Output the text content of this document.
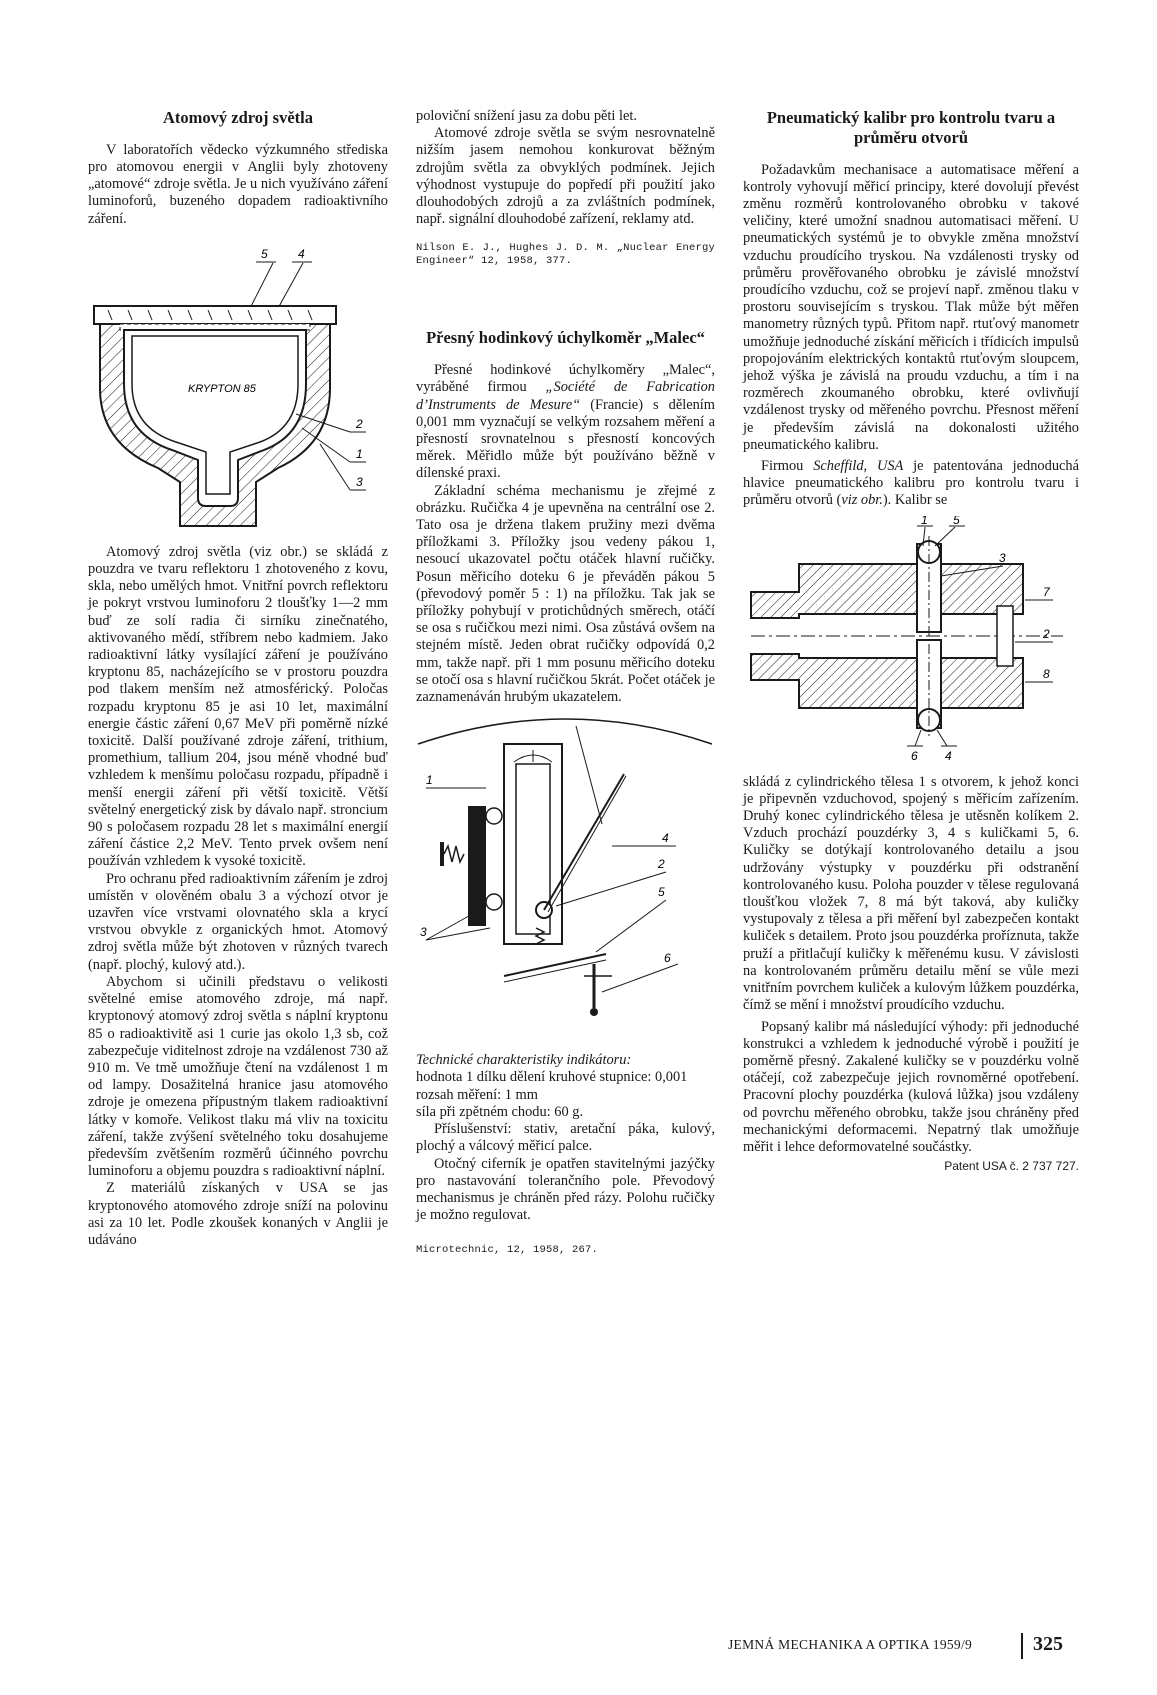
Atomový zdroj světla

V laboratořích vědecko výzkumného střediska pro atomovou energii v Anglii byly zhotoveny „atomové“ zdroje světla. Je u nich využíváno záření luminoforů, buzeného dopadem radioaktivního záření.

5	4
KRYPTON 85
2
1
3

Atomový zdroj světla (viz obr.) se skládá z pouzdra ve tvaru reflektoru 1 zhotoveného z kovu, skla, nebo umělých hmot. Vnitřní povrch reflektoru je pokryt vrstvou luminoforu 2 tloušťky 1—2 mm buď ze solí radia či sirníku zinečnatého, aktivovaného mědí, stříbrem nebo kadmiem. Jako radioaktivní látky vysílající záření je používáno kryptonu 85, nacházejícího se v prostoru pouzdra pod tlakem menším než atmosférický. Poločas rozpadu kryptonu 85 je asi 10 let, maximální energie částic záření 0,67 MeV při poměrně nízké toxicitě. Další používané zdroje záření, trithium, promethium, tallium 204, jsou méně vhodné buď vzhledem k menšímu poločasu rozpadu, případně i menší energii záření při větší toxicitě. Větší světelný energetický zisk by dávalo např. stroncium 90 s poločasem rozpadu 28 let s maximální energií záření částice 2,2 MeV. Tento prvek ovšem není používán vzhledem k vysoké toxicitě.

Pro ochranu před radioaktivním zářením je zdroj umístěn v olověném obalu 3 a výchozí otvor je uzavřen více vrstvami olovnatého skla a krycí vrstvou obvykle z organických hmot. Atomový zdroj světla může být zhotoven v různých tvarech (např. plochý, kulový atd.).

Abychom si učinili představu o velikosti světelné emise atomového zdroje, má např. kryptonový atomový zdroj světla s náplní kryptonu 85 o radioaktivitě asi 1 curie jas okolo 1,3 sb, což zabezpečuje viditelnost zdroje na vzdálenost 730 až 910 m. Ve tmě umožňuje čtení na vzdálenost 1 m od lampy. Dosažitelná hranice jasu atomového zdroje je omezena přípustným tlakem radioaktivní látky v komoře. Velikost tlaku má vliv na toxicitu záření, takže zvýšení světelného toku dosahujeme především zvětšením rozměrů účinného povrchu luminoforu a objemu pouzdra s radioaktivní náplní.

Z materiálů získaných v USA se jas kryptonového atomového zdroje sníží na polovinu asi za 10 let. Podle zkoušek konaných v Anglii je udáváno

poloviční snížení jasu za dobu pěti let.

Atomové zdroje světla se svým nesrovnatelně nižším jasem nemohou konkurovat běžným zdrojům světla za obvyklých podmínek. Jejich výhodnost vystupuje do popředí při použití jako dlouhodobých zdrojů a za zvláštních podmínek, např. signální dlouhodobé zařízení, reklamy atd.

Nilson E. J., Hughes J. D. M. „Nuclear Energy Engineer“ 12, 1958, 377.

Přesný hodinkový úchylkoměr „Malec“

Přesné hodinkové úchylkoměry „Malec“, vyráběné firmou „Société de Fabrication d’Instruments de Mesure“ (Francie) s dělením 0,001 mm vyznačují se velkým rozsahem měření a přesností srovnatelnou s přesností koncových měrek. Měřidlo může být používáno běžně v dílenské praxi.

Základní schéma mechanismu je zřejmé z obrázku. Ručička 4 je upevněna na centrální ose 2. Tato osa je držena tlakem pružiny mezi dvěma příložkami 3. Příložky jsou vedeny pákou 1, nesoucí ukazovatel počtu otáček hlavní ručičky. Posun měřicího doteku 6 je převáděn pákou 5 (převodový poměr 5 : 1) na příložku. Tak jak se příložky pohybují v protichůdných směrech, otáčí se osa s ručičkou mezi nimi. Osa zůstává ovšem na stejném místě. Jeden obrat ručičky odpovídá 0,2 mm, takže např. při 1 mm posunu měřicího doteku se otočí osa s hlavní ručičkou 5krát. Počet otáček je zaznamenáván hrubým ukazatelem.

1
4
2
5
3
6

Technické charakteristiky indikátoru:

hodnota 1 dílku dělení kruhové stupnice: 0,001

rozsah měření: 1 mm

síla při zpětném chodu: 60 g.

Příslušenství: stativ, aretační páka, kulový, plochý a válcový měřicí palce.

Otočný ciferník je opatřen stavitelnými jazýčky pro nastavování tolerančního pole. Převodový mechanismus je chráněn před rázy. Polohu ručičky je možno regulovat.

Microtechnic, 12, 1958, 267.

Pneumatický kalibr pro kontrolu tvaru a průměru otvorů

Požadavkům mechanisace a automatisace měření a kontroly vyhovují měřicí principy, které dovolují převést změnu rozměrů kontrolovaného obrobku v takové veličiny, které umožní snadnou automatisaci měření. U pneumatických systémů je to obvykle změna množství vzduchu proudícího tryskou. Na vzdálenosti trysky od průměru prověřovaného obrobku je závislé množství proudícího vzduchu, což se projeví např. změnou tlaku v prostoru souvisejícím s tryskou. Tlak může být měřen manometry různých typů. Přitom např. rtuťový manometr umožňuje jednoduché získání měřicích i třídicích impulsů propojováním elektrických kontaktů rtuťovým sloupcem, jehož výška je závislá na proudu vzduchu, a tím i na rozměrech zkoumaného obrobku, které ovlivňují vzdálenost trysky od měřeného povrchu. Přesnost měření je především závislá na dokonalosti užitého pneumatického kalibru.

Firmou Scheffild, USA je patentována jednoduchá hlavice pneumatického kalibru pro kontrolu tvaru i průměru otvorů (viz obr.). Kalibr se

1 5
3
7
2
8
6 4

skládá z cylindrického tělesa 1 s otvorem, k jehož konci je připevněn vzduchovod, spojený s měřicím zařízením. Druhý konec cylindrického tělesa je utěsněn kolíkem 2. Vzduch prochází pouzdérky 3, 4 s kuličkami 5, 6. Kuličky se dotýkají kontrolovaného detailu a jsou udržovány výstupky v pouzdérku při odstranění kontrolovaného kusu. Poloha pouzder v tělese regulovaná tloušťkou vložek 7, 8 má být taková, aby kuličky vystupovaly z tělesa a při měření byl zabezpečen kontakt kuliček s detailem. Proto jsou pouzdérka proříznuta, takže pruží a přitlačují kuličky k měřenému kusu. V závislosti na kontrolovaném průměru detailu mění se vůle mezi vnitřním povrchem kuliček a kulovým lůžkem pouzdérka, čímž se mění i množství proudícího vzduchu.

Popsaný kalibr má následující výhody: při jednoduché konstrukci a vzhledem k jednoduché výrobě i použití je poměrně přesný. Zakalené kuličky se v pouzdérku volně otáčejí, což zabezpečuje jejich rovnoměrné opotřebení. Pracovní plochy pouzdérka (kulová lůžka) jsou vzdáleny od povrchu měřeného obrobku, takže jsou chráněny před mechanickými deformacemi. Nepatrný tlak umožňuje měřit i lehce deformovatelné součástky.

Patent USA č. 2 737 727.

JEMNÁ MECHANIKA A OPTIKA 1959/9	325
